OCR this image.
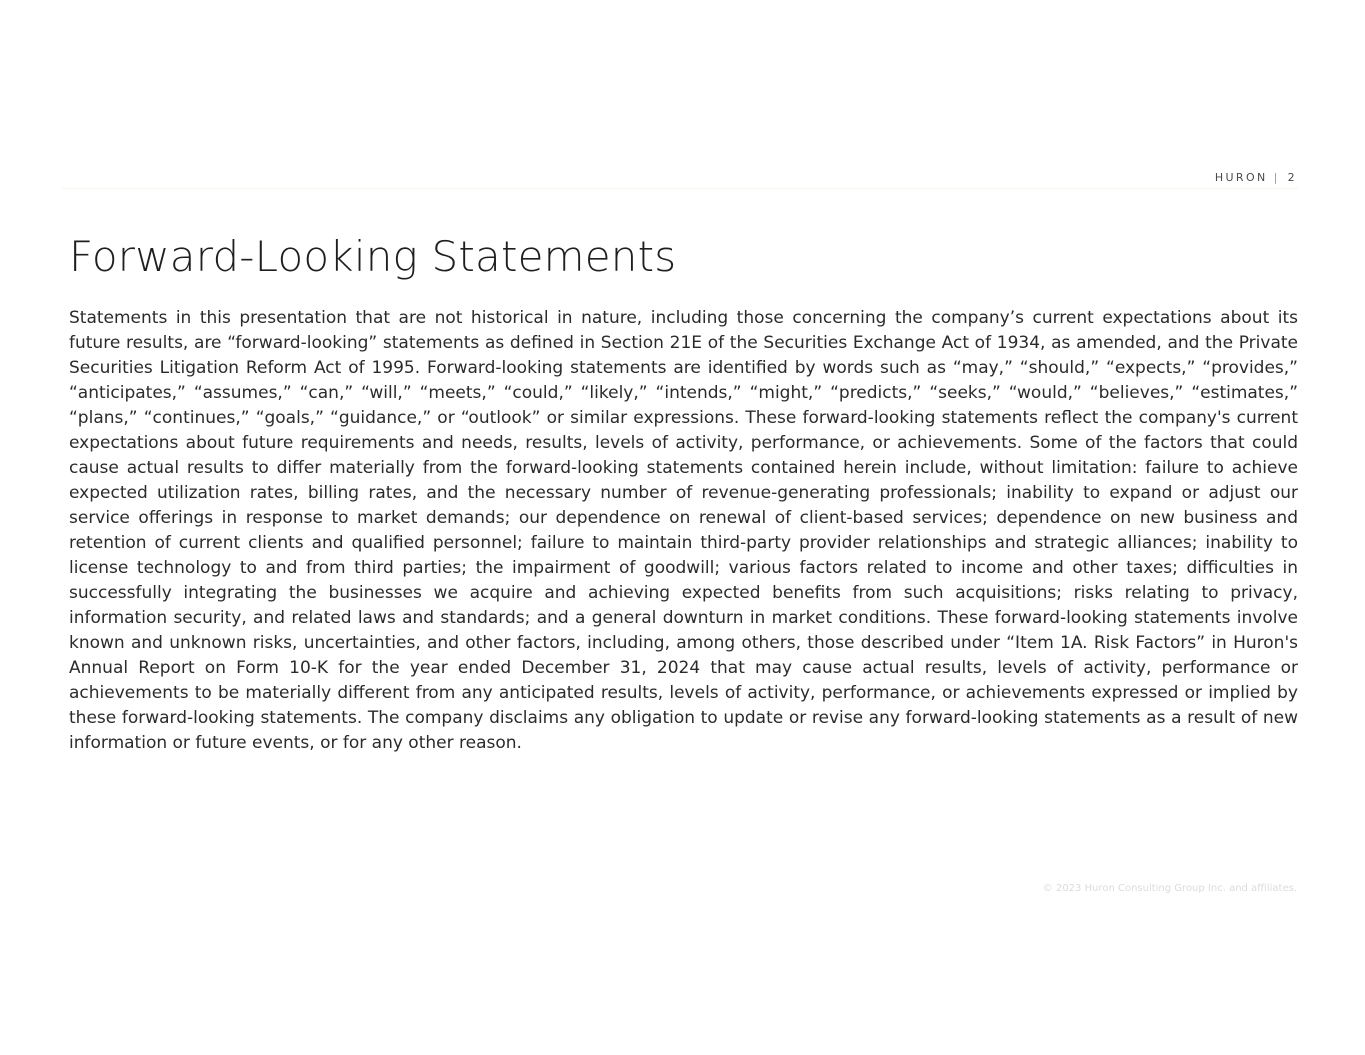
HURON | 2
Forward-Looking Statements

Statements in this presentation that are not historical in nature, including those concerning the company’s current expectations about its future results, are “forward-looking” statements as defined in Section 21E of the Securities Exchange Act of 1934, as amended, and the Private Securities Litigation Reform Act of 1995. Forward-looking statements are identified by words such as “may,” “should,” “expects,” “provides,” “anticipates,” “assumes,” “can,” “will,” “meets,” “could,” “likely,” “intends,” “might,” “predicts,” “seeks,” “would,” “believes,” “estimates,” “plans,” “continues,” “goals,” “guidance,” or “outlook” or similar expressions. These forward-looking statements reflect the company's current expectations about future requirements and needs, results, levels of activity, performance, or achievements. Some of the factors that could cause actual results to differ materially from the forward-looking statements contained herein include, without limitation: failure to achieve expected utilization rates, billing rates, and the necessary number of revenue-generating professionals; inability to expand or adjust our service offerings in response to market demands; our dependence on renewal of client-based services; dependence on new business and retention of current clients and qualified personnel; failure to maintain third-party provider relationships and strategic alliances; inability to license technology to and from third parties; the impairment of goodwill; various factors related to income and other taxes; difficulties in successfully integrating the businesses we acquire and achieving expected benefits from such acquisitions; risks relating to privacy, information security, and related laws and standards; and a general downturn in market conditions. These forward-looking statements involve known and unknown risks, uncertainties, and other factors, including, among others, those described under “Item 1A. Risk Factors” in Huron's Annual Report on Form 10-K for the year ended December 31, 2024 that may cause actual results, levels of activity, performance or achievements to be materially different from any anticipated results, levels of activity, performance, or achievements expressed or implied by these forward-looking statements. The company disclaims any obligation to update or revise any forward-looking statements as a result of new information or future events, or for any other reason.

© 2023 Huron Consulting Group Inc. and affiliates.
